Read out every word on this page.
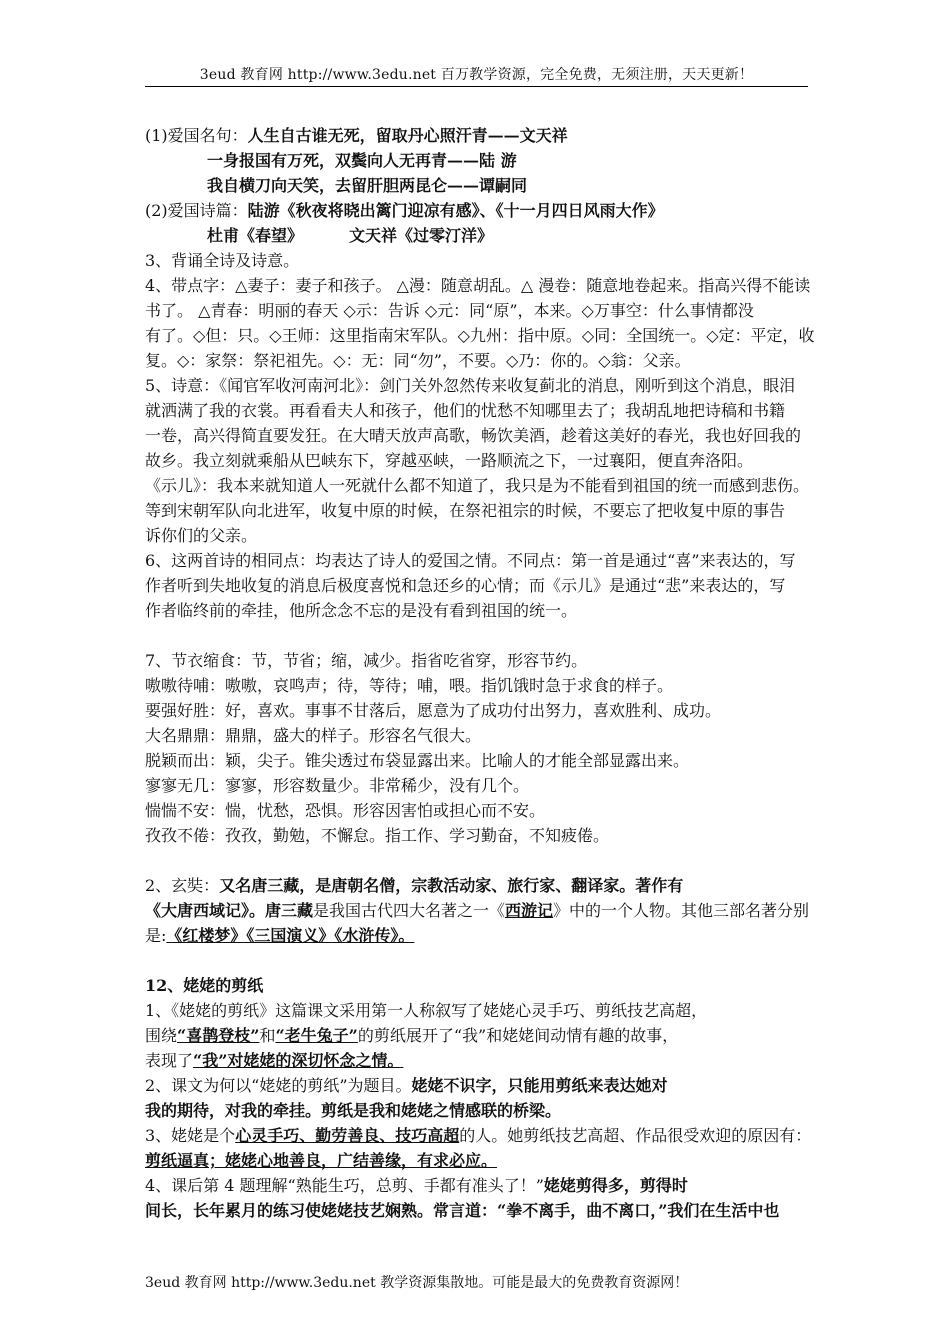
3eud 教育网 http://www.3edu.net 百万教学资源，完全免费，无须注册，天天更新！
(1)爱国名句：人生自古谁无死，留取丹心照汗青——文天祥
一身报国有万死，双鬓向人无再青——陆 游
我自横刀向天笑，去留肝胆两昆仑——谭嗣同
(2)爱国诗篇：陆游《秋夜将晓出篱门迎凉有感》、《十一月四日风雨大作》
杜甫《春望》	文天祥《过零汀洋》
3、背诵全诗及诗意。
4、带点字：△妻子：妻子和孩子。 △漫：随意胡乱。△ 漫卷：随意地卷起来。指高兴得不能读
书了。 △青春：明丽的春天 ◇示：告诉 ◇元：同“原”，本来。◇万事空：什么事情都没
有了。◇但：只。◇王师：这里指南宋军队。◇九州：指中原。◇同：全国统一。◇定：平定，收
复。◇：家祭：祭祀祖先。◇：无：同“勿”，不要。◇乃：你的。◇翁：父亲。
5、诗意：《闻官军收河南河北》：剑门关外忽然传来收复蓟北的消息，刚听到这个消息，眼泪
就洒满了我的衣裳。再看看夫人和孩子，他们的忧愁不知哪里去了；我胡乱地把诗稿和书籍
一卷，高兴得简直要发狂。在大晴天放声高歌，畅饮美酒，趁着这美好的春光，我也好回我的
故乡。我立刻就乘船从巴峡东下，穿越巫峡，一路顺流之下，一过襄阳，便直奔洛阳。
《示儿》：我本来就知道人一死就什么都不知道了，我只是为不能看到祖国的统一而感到悲伤。
等到宋朝军队向北进军，收复中原的时候，在祭祀祖宗的时候，不要忘了把收复中原的事告
诉你们的父亲。
6、这两首诗的相同点：均表达了诗人的爱国之情。不同点：第一首是通过“喜”来表达的，写
作者听到失地收复的消息后极度喜悦和急还乡的心情；而《示儿》是通过“悲”来表达的，写
作者临终前的牵挂，他所念念不忘的是没有看到祖国的统一。
7、节衣缩食：节，节省；缩，减少。指省吃省穿，形容节约。
嗷嗷待哺：嗷嗷，哀鸣声；待，等待；哺，喂。指饥饿时急于求食的样子。
要强好胜：好，喜欢。事事不甘落后，愿意为了成功付出努力，喜欢胜利、成功。
大名鼎鼎：鼎鼎，盛大的样子。形容名气很大。
脱颖而出：颖，尖子。锥尖透过布袋显露出来。比喻人的才能全部显露出来。
寥寥无几：寥寥，形容数量少。非常稀少，没有几个。
惴惴不安：惴，忧愁，恐惧。形容因害怕或担心而不安。
孜孜不倦：孜孜，勤勉，不懈怠。指工作、学习勤奋，不知疲倦。
2、玄奘：又名唐三藏，是唐朝名僧，宗教活动家、旅行家、翻译家。著作有
《大唐西域记》。唐三藏是我国古代四大名著之一《西游记》中的一个人物。其他三部名著分别
是:《红楼梦》《三国演义》《水浒传》。
12、姥姥的剪纸
1、《姥姥的剪纸》这篇课文采用第一人称叙写了姥姥心灵手巧、剪纸技艺高超，
围绕“喜鹊登枝”和“老牛兔子”的剪纸展开了“我”和姥姥间动情有趣的故事，
表现了“我”对姥姥的深切怀念之情。
2、课文为何以“姥姥的剪纸”为题目。姥姥不识字，只能用剪纸来表达她对
我的期待，对我的牵挂。剪纸是我和姥姥之情感联的桥梁。
3、姥姥是个心灵手巧、勤劳善良、技巧高超的人。她剪纸技艺高超、作品很受欢迎的原因有：
剪纸逼真；姥姥心地善良，广结善缘，有求必应。
4、课后第 4 题理解“熟能生巧，总剪、手都有准头了！”姥姥剪得多，剪得时
间长，长年累月的练习使姥姥技艺娴熟。常言道：“拳不离手，曲不离口，”我们在生活中也
3eud 教育网 http://www.3edu.net 教学资源集散地。可能是最大的免费教育资源网！
